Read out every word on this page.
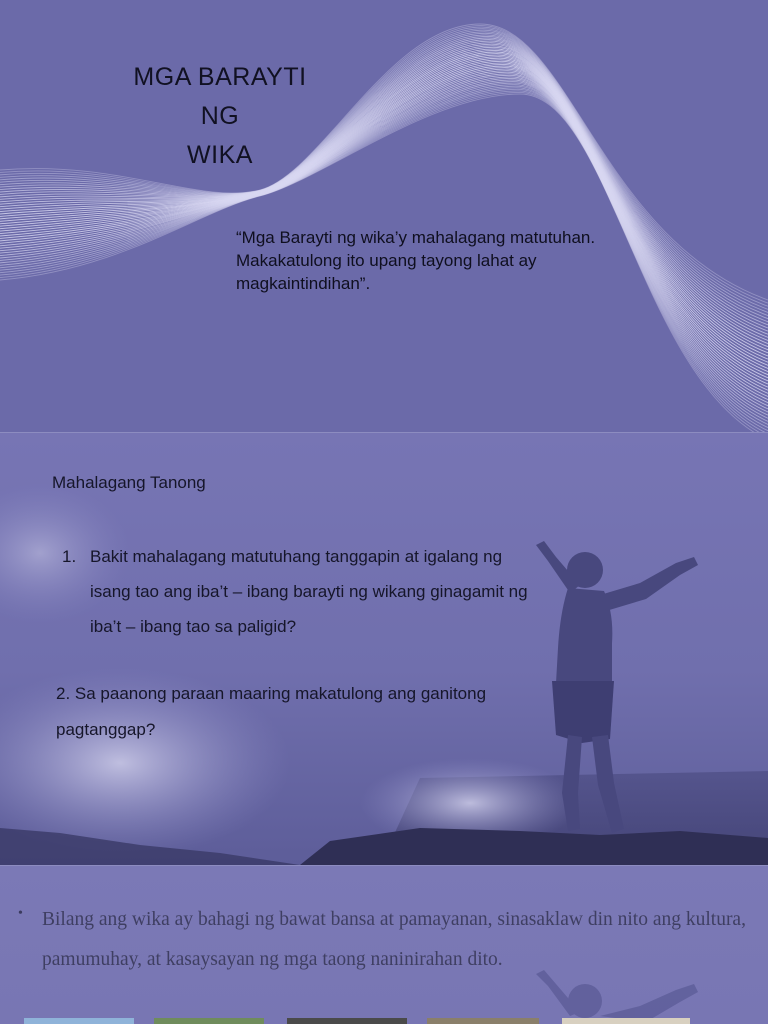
MGA BARAYTI
NG
WIKA
“Mga Barayti ng wika’y mahalagang matutuhan. Makakatulong ito upang tayong lahat ay magkaintindihan”.
Mahalagang Tanong
1. Bakit mahalagang matutuhang tanggapin at igalang ng isang tao ang iba’t – ibang barayti ng wikang ginagamit ng iba’t – ibang tao sa paligid?
2. Sa paanong paraan maaring makatulong ang ganitong pagtanggap?
• Bilang ang wika ay bahagi ng bawat bansa at pamayanan, sinasaklaw din nito ang kultura, pamumuhay, at kasaysayan ng mga taong naninirahan dito.
